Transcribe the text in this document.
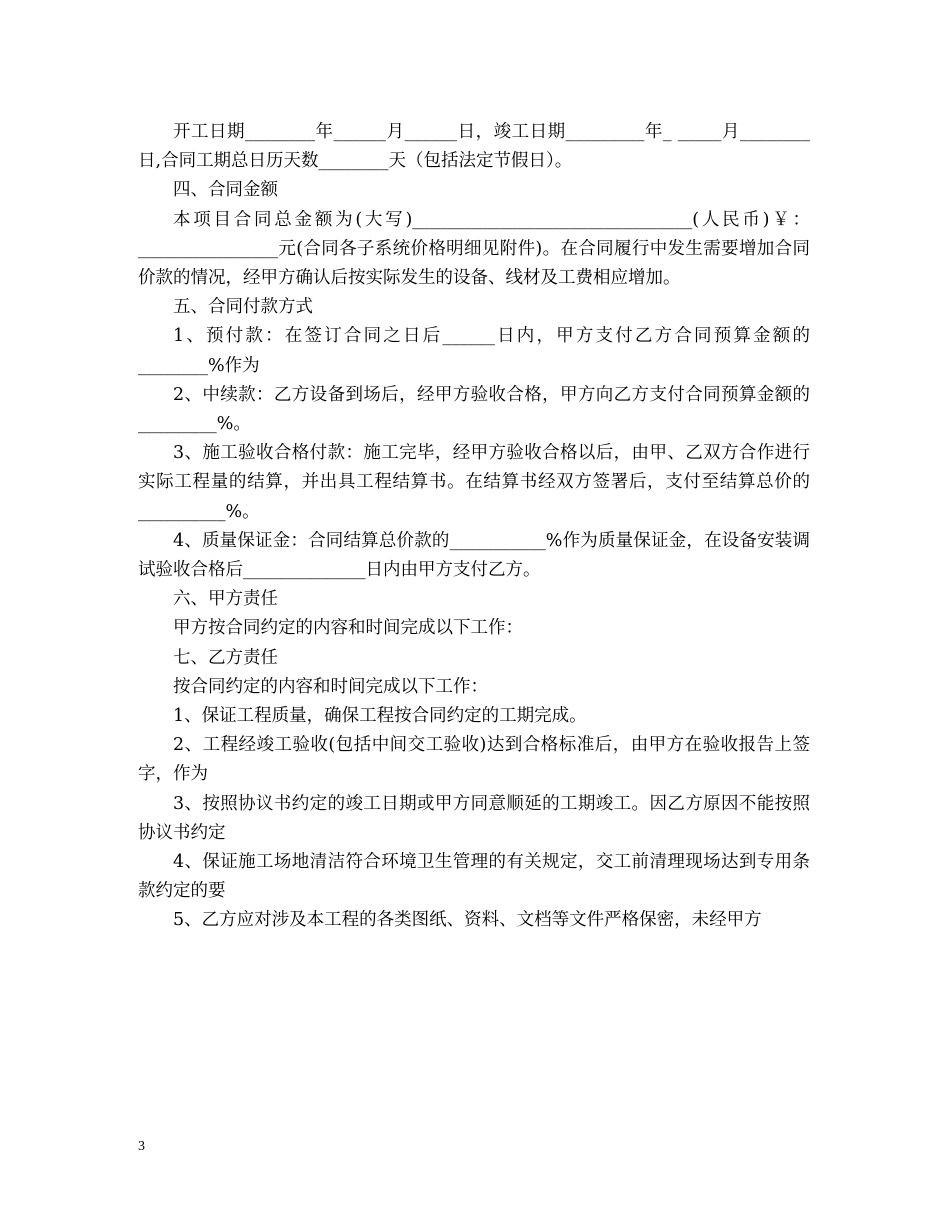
开工日期________年______月______日，竣工日期_________年_ _____月________日,合同工期总日历天数________天（包括法定节假日）。

四、合同金额

本项目合同总金额为(大写)________________________________(人民币)￥：________________元(合同各子系统价格明细见附件)。在合同履行中发生需要增加合同价款的情况，经甲方确认后按实际发生的设备、线材及工费相应增加。

五、合同付款方式

1、预付款：在签订合同之日后______日内，甲方支付乙方合同预算金额的 ________%作为

2、中续款：乙方设备到场后，经甲方验收合格，甲方向乙方支付合同预算金额的_________%。

3、施工验收合格付款：施工完毕，经甲方验收合格以后，由甲、乙双方合作进行实际工程量的结算，并出具工程结算书。在结算书经双方签署后，支付至结算总价的__________%。

4、质量保证金：合同结算总价款的___________%作为质量保证金，在设备安装调试验收合格后______________日内由甲方支付乙方。

六、甲方责任

甲方按合同约定的内容和时间完成以下工作：

七、乙方责任

按合同约定的内容和时间完成以下工作：

1、保证工程质量，确保工程按合同约定的工期完成。

2、工程经竣工验收(包括中间交工验收)达到合格标准后，由甲方在验收报告上签字，作为

3、按照协议书约定的竣工日期或甲方同意顺延的工期竣工。因乙方原因不能按照协议书约定

4、保证施工场地清洁符合环境卫生管理的有关规定，交工前清理现场达到专用条款约定的要

5、乙方应对涉及本工程的各类图纸、资料、文档等文件严格保密，未经甲方

3
